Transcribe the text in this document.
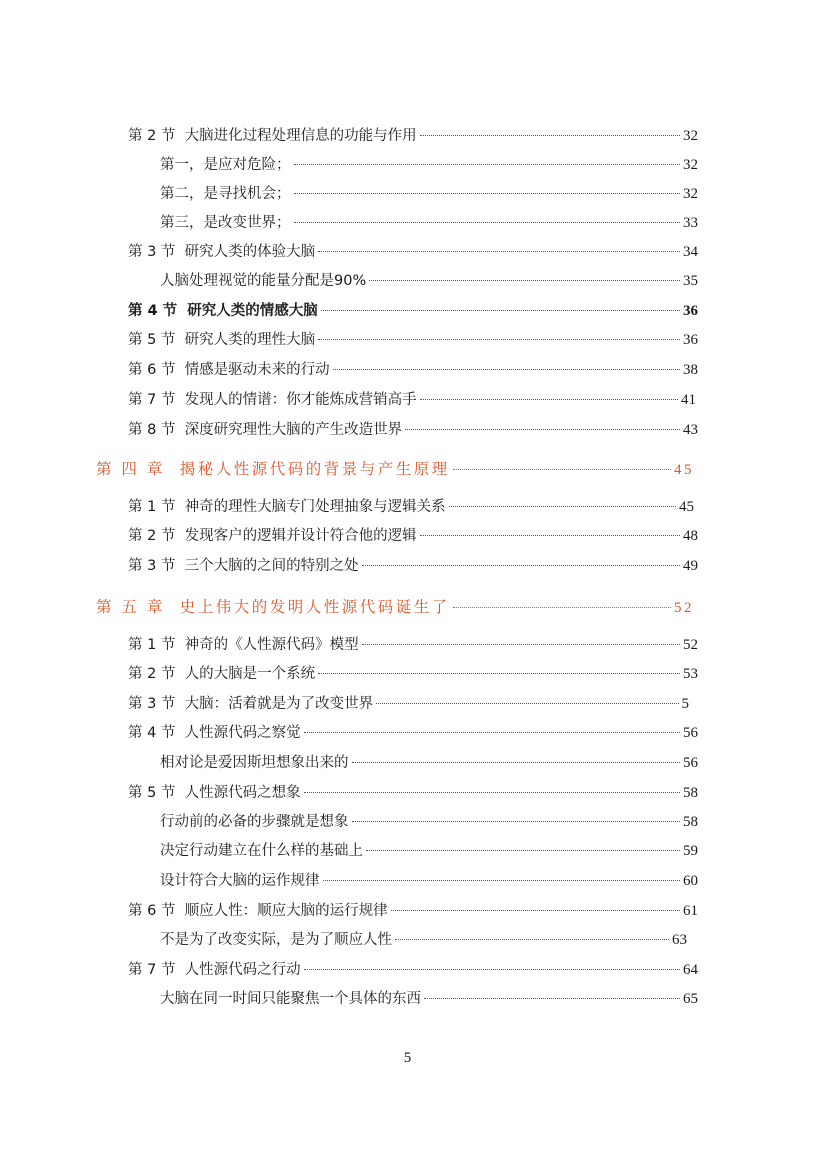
第 2 节  大脑进化过程处理信息的功能与作用	32
第一，是应对危险；	32
第二，是寻找机会；	32
第三，是改变世界；	33
第 3 节  研究人类的体验大脑	34
人脑处理视觉的能量分配是90%	35
第 4 节  研究人类的情感大脑	36
第 5 节  研究人类的理性大脑	36
第 6 节  情感是驱动未来的行动	38
第 7 节  发现人的情谱：你才能炼成营销高手	41
第 8 节  深度研究理性大脑的产生改造世界	43
第 四 章  揭秘人性源代码的背景与产生原理	45
第 1 节  神奇的理性大脑专门处理抽象与逻辑关系	45
第 2 节  发现客户的逻辑并设计符合他的逻辑	48
第 3 节  三个大脑的之间的特别之处	49
第 五 章  史上伟大的发明人性源代码诞生了	52
第 1 节  神奇的《人性源代码》模型	52
第 2 节  人的大脑是一个系统	53
第 3 节  大脑：活着就是为了改变世界	5
第 4 节  人性源代码之察觉	56
相对论是爱因斯坦想象出来的	56
第 5 节  人性源代码之想象	58
行动前的必备的步骤就是想象	58
决定行动建立在什么样的基础上	59
设计符合大脑的运作规律	60
第 6 节  顺应人性：顺应大脑的运行规律	61
不是为了改变实际，是为了顺应人性	63
第 7 节  人性源代码之行动	64
大脑在同一时间只能聚焦一个具体的东西	65
5
